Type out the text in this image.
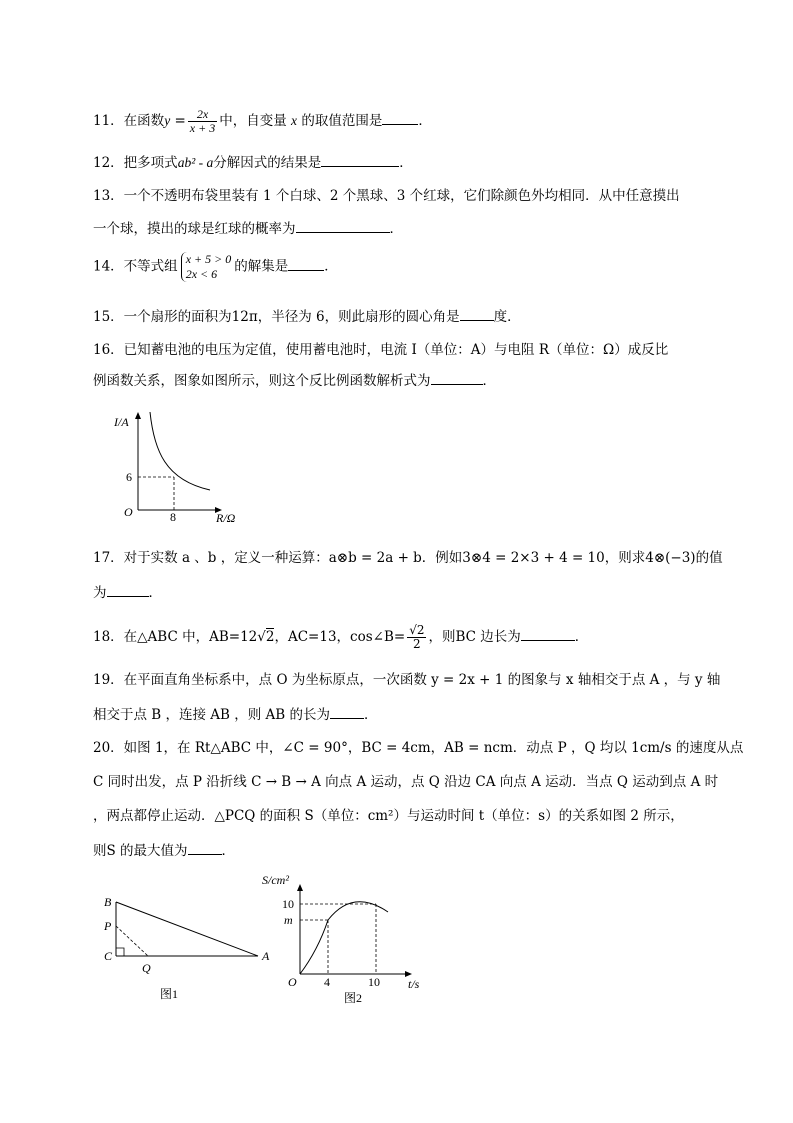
11．在函数$y = \frac{2x}{x + 3}$ 中，自变量 x 的取值范围是	．
12．把多项式ab² - a分解因式的结果是	．
13．一个不透明布袋里装有 1 个白球、2 个黑球、3 个红球，它们除颜色外均相同．从中任意摸出
一个球，摸出的球是红球的概率为	．
14．不等式组 x + 5 > 0
2x < 6	的解集是	．
15．一个扇形的面积为12π，半径为 6，则此扇形的圆心角是	度．
16．已知蓄电池的电压为定值，使用蓄电池时，电流 I（单位：A）与电阻 R（单位：Ω）成反比
例函数关系，图象如图所示，则这个反比例函数解析式为	．
I/A
6
O	8	R/Ω
17．对于实数 a 、b ，定义一种运算：a⊗b = 2a + b．例如3⊗4 = 2×3 + 4 = 10，则求4⊗(−3)的值
为	．
18．在△ABC 中，AB=12√2，AC=13，cos∠B= $\frac{√2}{2}$ ，则BC 边长为	．
19．在平面直角坐标系中，点 O 为坐标原点，一次函数 y = 2x + 1 的图象与 x 轴相交于点 A ，与 y 轴
相交于点 B ，连接 AB ，则 AB 的长为	．
20．如图 1，在 Rt△ABC 中，∠C = 90°，BC = 4cm，AB = ncm．动点 P ，Q 均以 1cm/s 的速度从点
C 同时出发，点 P 沿折线 C → B → A 向点 A 运动，点 Q 沿边 CA 向点 A 运动．当点 Q 运动到点 A 时
，两点都停止运动．△PCQ 的面积 S（单位：cm²）与运动时间 t（单位：s）的关系如图 2 所示，
则S 的最大值为	．
B
P
C
Q
A
图1
S/cm²
10
m
O 4	10 t/s
图2
